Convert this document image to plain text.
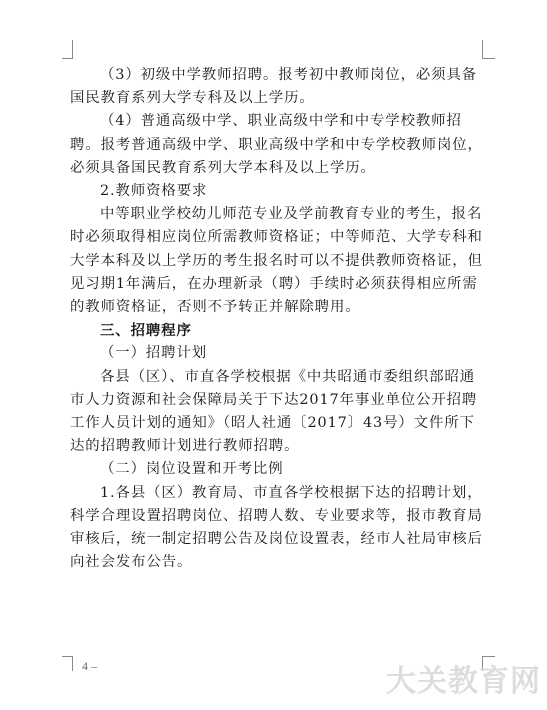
（3）初级中学教师招聘。报考初中教师岗位，必须具备国民教育系列大学专科及以上学历。

（4）普通高级中学、职业高级中学和中专学校教师招聘。报考普通高级中学、职业高级中学和中专学校教师岗位，必须具备国民教育系列大学本科及以上学历。

2.教师资格要求

中等职业学校幼儿师范专业及学前教育专业的考生，报名时必须取得相应岗位所需教师资格证；中等师范、大学专科和大学本科及以上学历的考生报名时可以不提供教师资格证，但见习期1年满后，在办理新录（聘）手续时必须获得相应所需的教师资格证，否则不予转正并解除聘用。

三、招聘程序

（一）招聘计划

各县（区）、市直各学校根据《中共昭通市委组织部昭通市人力资源和社会保障局关于下达2017年事业单位公开招聘工作人员计划的通知》（昭人社通〔2017〕43号）文件所下达的招聘教师计划进行教师招聘。

（二）岗位设置和开考比例

1.各县（区）教育局、市直各学校根据下达的招聘计划，科学合理设置招聘岗位、招聘人数、专业要求等，报市教育局审核后，统一制定招聘公告及岗位设置表，经市人社局审核后向社会发布公告。

4 –	大关教育网
